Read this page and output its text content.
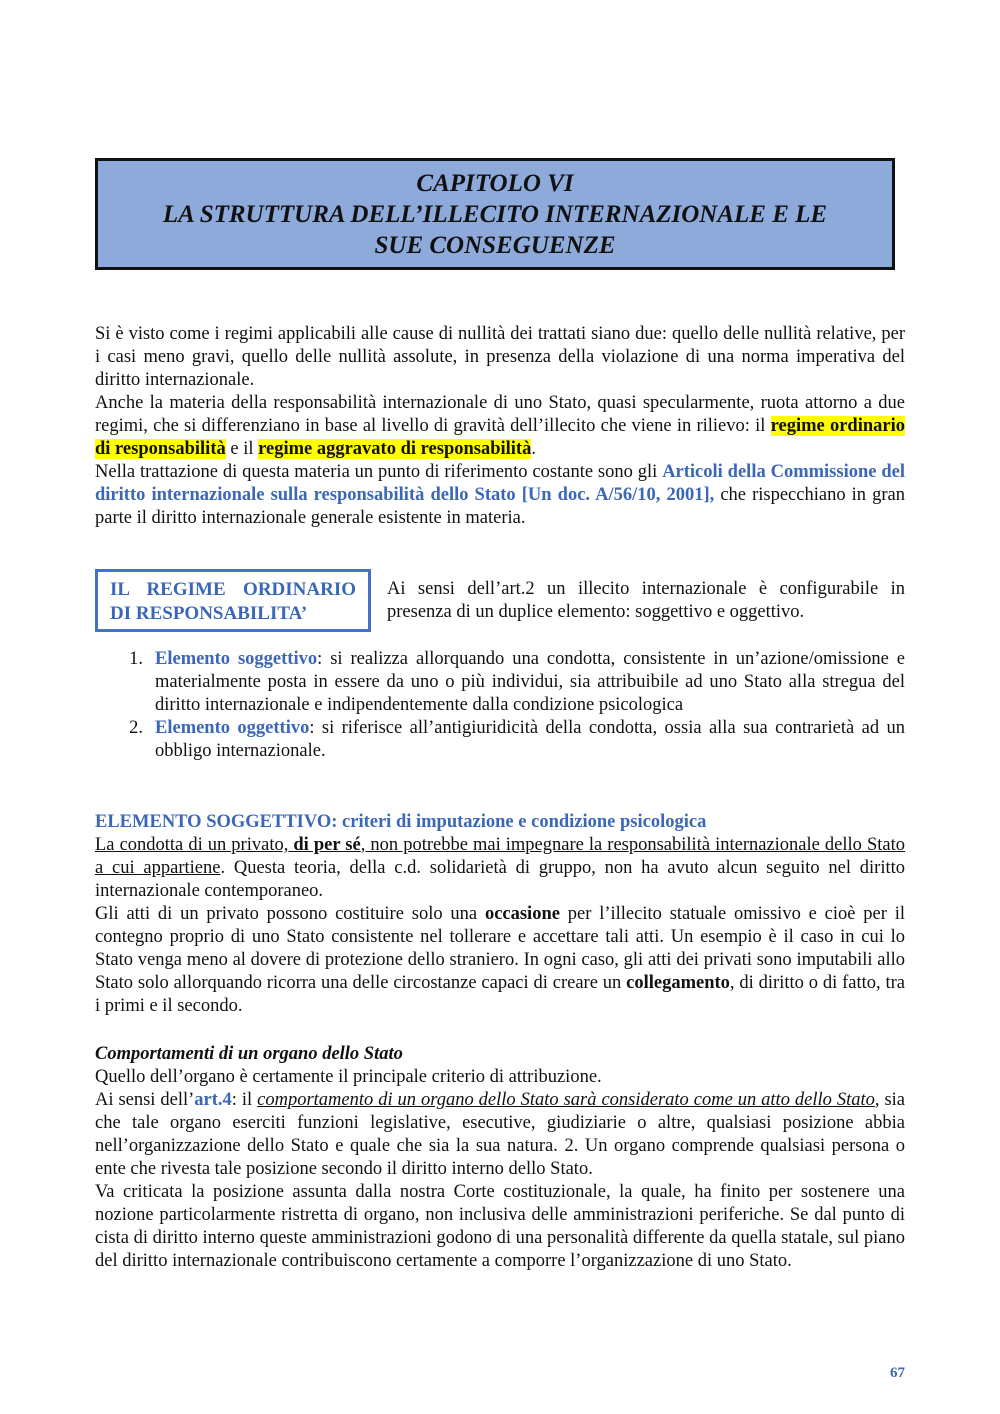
CAPITOLO VI
LA STRUTTURA DELL’ILLECITO INTERNAZIONALE E LE
SUE CONSEGUENZE

Si è visto come i regimi applicabili alle cause di nullità dei trattati siano due: quello delle nullità relative, per i casi meno gravi, quello delle nullità assolute, in presenza della violazione di una norma imperativa del diritto internazionale.

Anche la materia della responsabilità internazionale di uno Stato, quasi specularmente, ruota attorno a due regimi, che si differenziano in base al livello di gravità dell’illecito che viene in rilievo: il regime ordinario di responsabilità e il regime aggravato di responsabilità.

Nella trattazione di questa materia un punto di riferimento costante sono gli Articoli della Commissione del diritto internazionale sulla responsabilità dello Stato [Un doc. A/56/10, 2001], che rispecchiano in gran parte il diritto internazionale generale esistente in materia.

IL REGIME ORDINARIO DI RESPONSABILITA’
Ai sensi dell’art.2 un illecito internazionale è configurabile in presenza di un duplice elemento: soggettivo e oggettivo.
1. Elemento soggettivo: si realizza allorquando una condotta, consistente in un’azione/omissione e materialmente posta in essere da uno o più individui, sia attribuibile ad uno Stato alla stregua del diritto internazionale e indipendentemente dalla condizione psicologica
2. Elemento oggettivo: si riferisce all’antigiuridicità della condotta, ossia alla sua contrarietà ad un obbligo internazionale.

ELEMENTO SOGGETTIVO: criteri di imputazione e condizione psicologica

La condotta di un privato, di per sé, non potrebbe mai impegnare la responsabilità internazionale dello Stato a cui appartiene. Questa teoria, della c.d. solidarietà di gruppo, non ha avuto alcun seguito nel diritto internazionale contemporaneo.

Gli atti di un privato possono costituire solo una occasione per l’illecito statuale omissivo e cioè per il contegno proprio di uno Stato consistente nel tollerare e accettare tali atti. Un esempio è il caso in cui lo Stato venga meno al dovere di protezione dello straniero. In ogni caso, gli atti dei privati sono imputabili allo Stato solo allorquando ricorra una delle circostanze capaci di creare un collegamento, di diritto o di fatto, tra i primi e il secondo.

Comportamenti di un organo dello Stato

Quello dell’organo è certamente il principale criterio di attribuzione.

Ai sensi dell’art.4: il comportamento di un organo dello Stato sarà considerato come un atto dello Stato, sia che tale organo eserciti funzioni legislative, esecutive, giudiziarie o altre, qualsiasi posizione abbia nell’organizzazione dello Stato e quale che sia la sua natura. 2. Un organo comprende qualsiasi persona o ente che rivesta tale posizione secondo il diritto interno dello Stato.

Va criticata la posizione assunta dalla nostra Corte costituzionale, la quale, ha finito per sostenere una nozione particolarmente ristretta di organo, non inclusiva delle amministrazioni periferiche. Se dal punto di cista di diritto interno queste amministrazioni godono di una personalità differente da quella statale, sul piano del diritto internazionale contribuiscono certamente a comporre l’organizzazione di uno Stato.

67
